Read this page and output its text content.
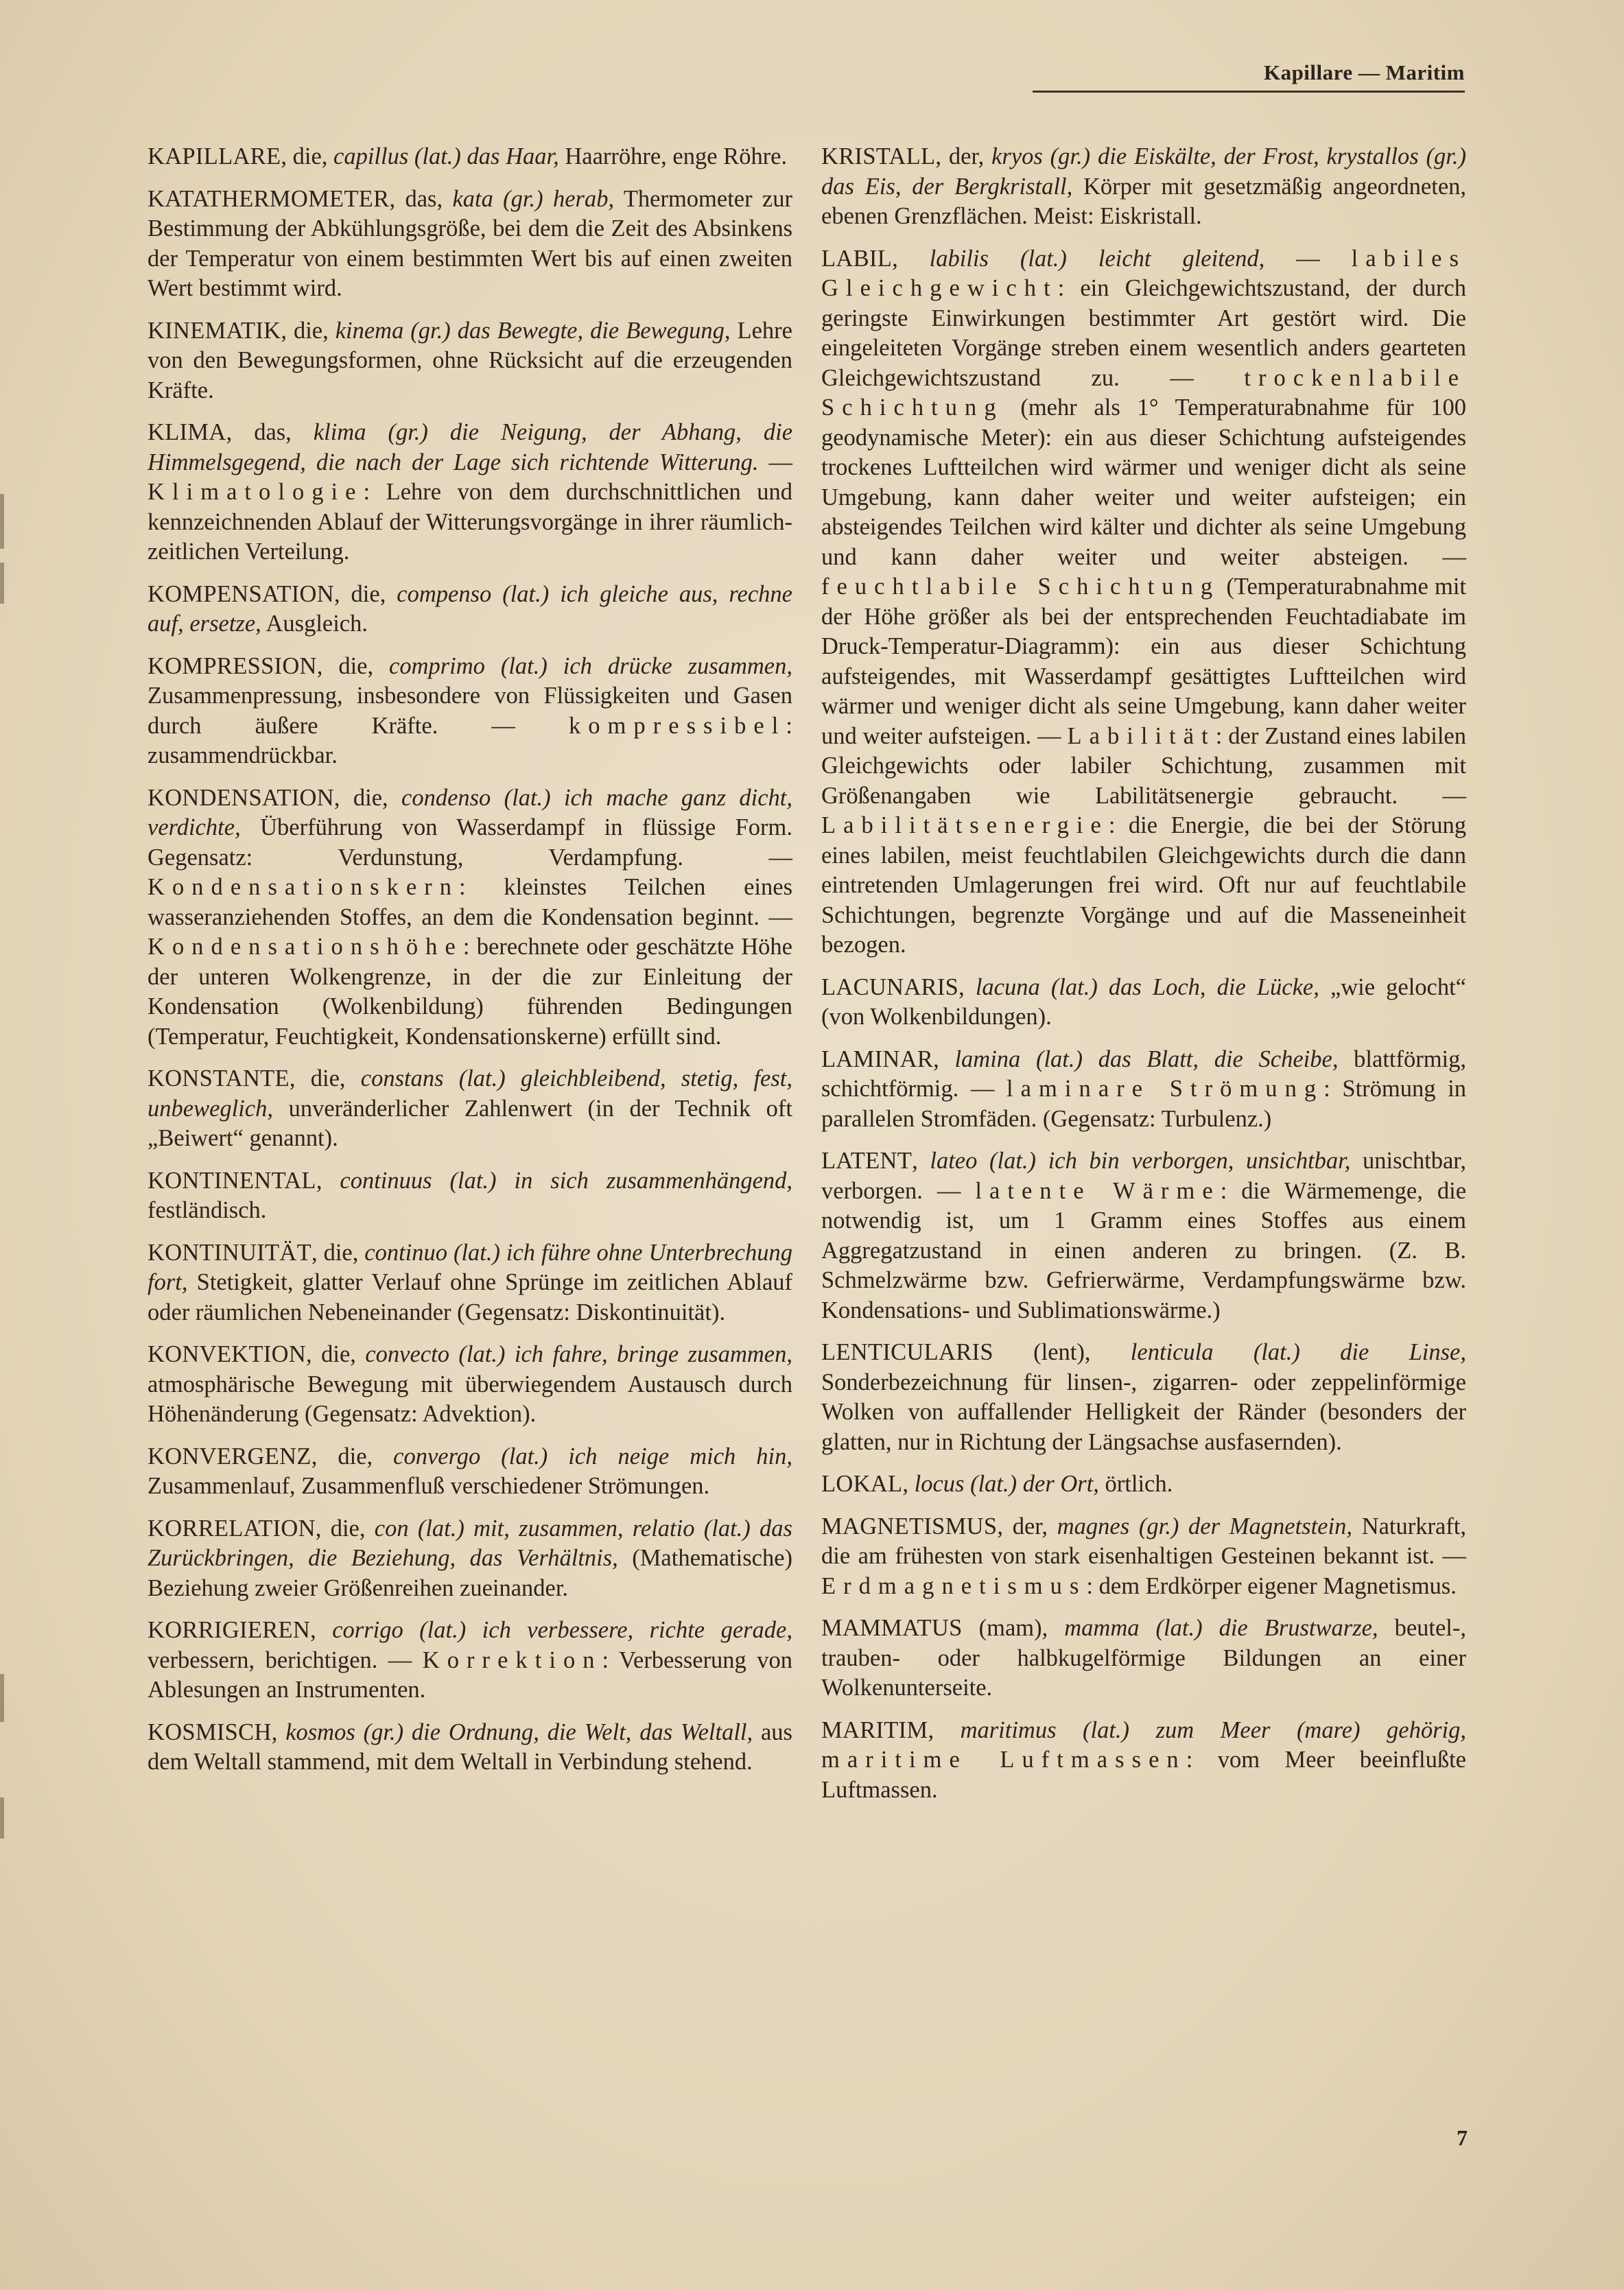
Kapillare — Maritim

KAPILLARE, die, capillus (lat.) das Haar, Haarröhre, enge Röhre.

KATATHERMOMETER, das, kata (gr.) herab, Thermometer zur Bestimmung der Abkühlungsgröße, bei dem die Zeit des Absinkens der Temperatur von einem bestimmten Wert bis auf einen zweiten Wert bestimmt wird.

KINEMATIK, die, kinema (gr.) das Bewegte, die Bewegung, Lehre von den Bewegungsformen, ohne Rücksicht auf die erzeugenden Kräfte.

KLIMA, das, klima (gr.) die Neigung, der Abhang, die Himmelsgegend, die nach der Lage sich richtende Witterung. — Klimatologie: Lehre von dem durchschnittlichen und kennzeichnenden Ablauf der Witterungsvorgänge in ihrer räumlich-zeitlichen Verteilung.

KOMPENSATION, die, compenso (lat.) ich gleiche aus, rechne auf, ersetze, Ausgleich.

KOMPRESSION, die, comprimo (lat.) ich drücke zusammen, Zusammenpressung, insbesondere von Flüssigkeiten und Gasen durch äußere Kräfte. — kompressibel: zusammendrückbar.

KONDENSATION, die, condenso (lat.) ich mache ganz dicht, verdichte, Überführung von Wasserdampf in flüssige Form. Gegensatz: Verdunstung, Verdampfung. — Kondensationskern: kleinstes Teilchen eines wasseranziehenden Stoffes, an dem die Kondensation beginnt. — Kondensationshöhe: berechnete oder geschätzte Höhe der unteren Wolkengrenze, in der die zur Einleitung der Kondensation (Wolkenbildung) führenden Bedingungen (Temperatur, Feuchtigkeit, Kondensationskerne) erfüllt sind.

KONSTANTE, die, constans (lat.) gleichbleibend, stetig, fest, unbeweglich, unveränderlicher Zahlenwert (in der Technik oft „Beiwert“ genannt).

KONTINENTAL, continuus (lat.) in sich zusammenhängend, festländisch.

KONTINUITÄT, die, continuo (lat.) ich führe ohne Unterbrechung fort, Stetigkeit, glatter Verlauf ohne Sprünge im zeitlichen Ablauf oder räumlichen Nebeneinander (Gegensatz: Diskontinuität).

KONVEKTION, die, convecto (lat.) ich fahre, bringe zusammen, atmosphärische Bewegung mit überwiegendem Austausch durch Höhenänderung (Gegensatz: Advektion).

KONVERGENZ, die, convergo (lat.) ich neige mich hin, Zusammenlauf, Zusammenfluß verschiedener Strömungen.

KORRELATION, die, con (lat.) mit, zusammen, relatio (lat.) das Zurückbringen, die Beziehung, das Verhältnis, (Mathematische) Beziehung zweier Größenreihen zueinander.

KORRIGIEREN, corrigo (lat.) ich verbessere, richte gerade, verbessern, berichtigen. — Korrektion: Verbesserung von Ablesungen an Instrumenten.

KOSMISCH, kosmos (gr.) die Ordnung, die Welt, das Weltall, aus dem Weltall stammend, mit dem Weltall in Verbindung stehend.

KRISTALL, der, kryos (gr.) die Eiskälte, der Frost, krystallos (gr.) das Eis, der Bergkristall, Körper mit gesetzmäßig angeordneten, ebenen Grenzflächen. Meist: Eiskristall.

LABIL, labilis (lat.) leicht gleitend, — labiles Gleichgewicht: ein Gleichgewichtszustand, der durch geringste Einwirkungen bestimmter Art gestört wird. Die eingeleiteten Vorgänge streben einem wesentlich anders gearteten Gleichgewichtszustand zu. — trockenlabile Schichtung (mehr als 1° Temperaturabnahme für 100 geodynamische Meter): ein aus dieser Schichtung aufsteigendes trockenes Luftteilchen wird wärmer und weniger dicht als seine Umgebung, kann daher weiter und weiter aufsteigen; ein absteigendes Teilchen wird kälter und dichter als seine Umgebung und kann daher weiter und weiter absteigen. — feuchtlabile Schichtung (Temperaturabnahme mit der Höhe größer als bei der entsprechenden Feuchtadiabate im Druck-Temperatur-Diagramm): ein aus dieser Schichtung aufsteigendes, mit Wasserdampf gesättigtes Luftteilchen wird wärmer und weniger dicht als seine Umgebung, kann daher weiter und weiter aufsteigen. — Labilität: der Zustand eines labilen Gleichgewichts oder labiler Schichtung, zusammen mit Größenangaben wie Labilitätsenergie gebraucht. — Labilitätsenergie: die Energie, die bei der Störung eines labilen, meist feuchtlabilen Gleichgewichts durch die dann eintretenden Umlagerungen frei wird. Oft nur auf feuchtlabile Schichtungen, begrenzte Vorgänge und auf die Masseneinheit bezogen.

LACUNARIS, lacuna (lat.) das Loch, die Lücke, „wie gelocht“ (von Wolkenbildungen).

LAMINAR, lamina (lat.) das Blatt, die Scheibe, blattförmig, schichtförmig. — laminare Strömung: Strömung in parallelen Stromfäden. (Gegensatz: Turbulenz.)

LATENT, lateo (lat.) ich bin verborgen, unsichtbar, unischtbar, verborgen. — latente Wärme: die Wärmemenge, die notwendig ist, um 1 Gramm eines Stoffes aus einem Aggregatzustand in einen anderen zu bringen. (Z. B. Schmelzwärme bzw. Gefrierwärme, Verdampfungswärme bzw. Kondensations- und Sublimationswärme.)

LENTICULARIS (lent), lenticula (lat.) die Linse, Sonderbezeichnung für linsen-, zigarren- oder zeppelinförmige Wolken von auffallender Helligkeit der Ränder (besonders der glatten, nur in Richtung der Längsachse ausfasernden).

LOKAL, locus (lat.) der Ort, örtlich.

MAGNETISMUS, der, magnes (gr.) der Magnetstein, Naturkraft, die am frühesten von stark eisenhaltigen Gesteinen bekannt ist. — Erdmagnetismus: dem Erdkörper eigener Magnetismus.

MAMMATUS (mam), mamma (lat.) die Brustwarze, beutel-, trauben- oder halbkugelförmige Bildungen an einer Wolkenunterseite.

MARITIM, maritimus (lat.) zum Meer (mare) gehörig, maritime Luftmassen: vom Meer beeinflußte Luftmassen.

7
